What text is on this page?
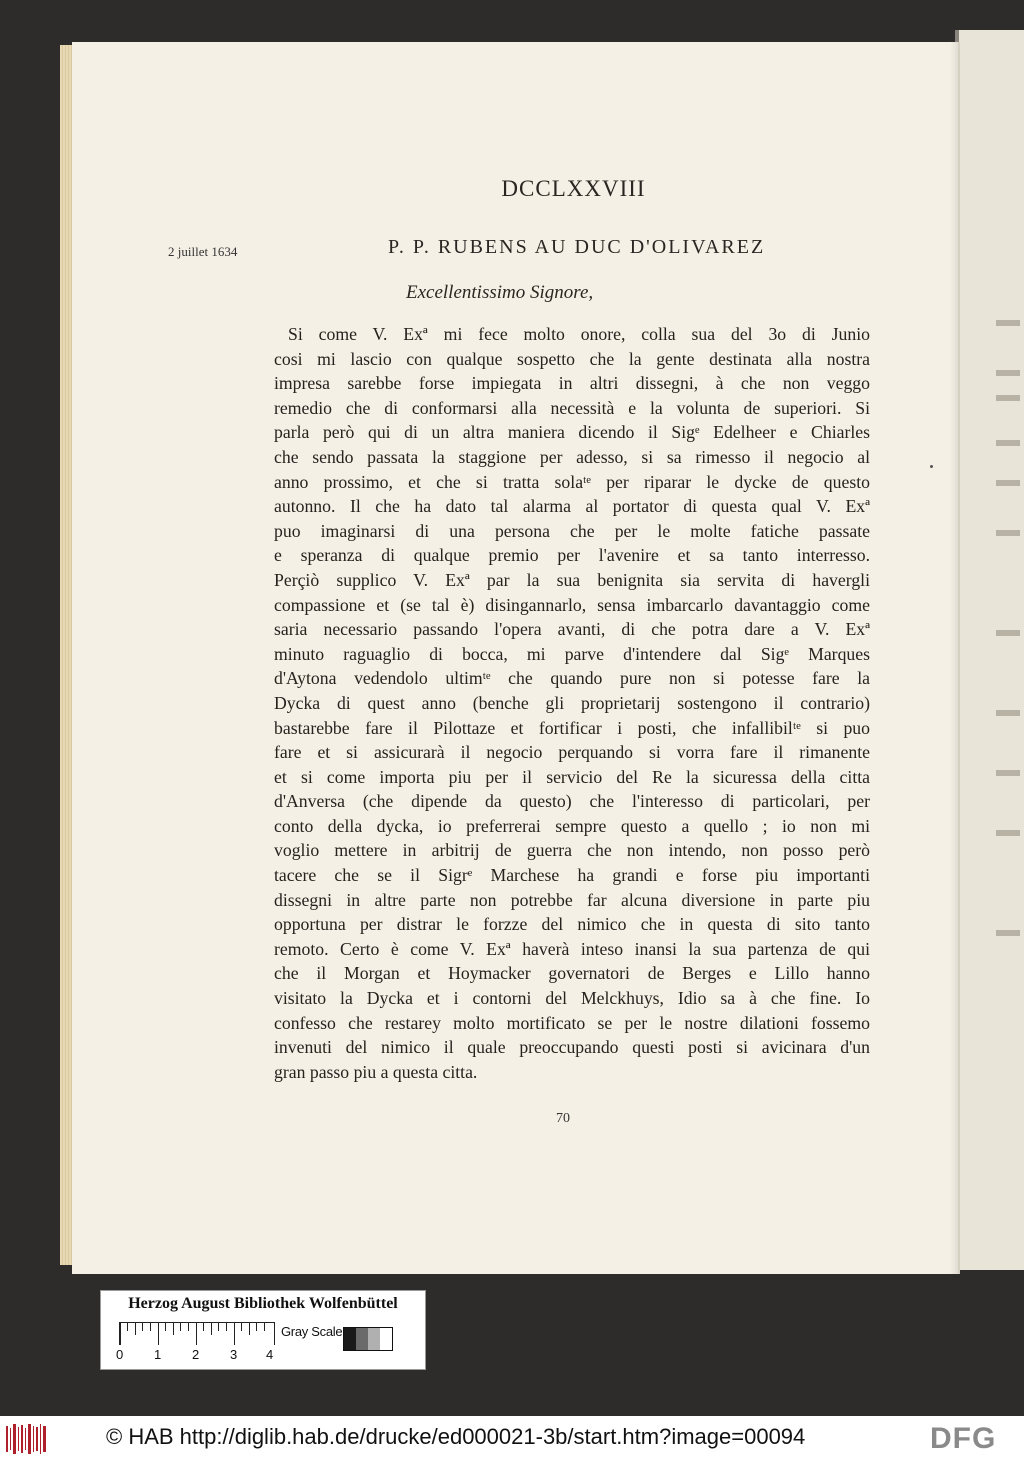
DCCLXXVIII
2 juillet 1634	P. P. RUBENS AU DUC D'OLIVAREZ
Excellentissimo Signore,
Si come V. Exª mi fece molto onore, colla sua del 3o di Junio
cosi mi lascio con qualque sospetto che la gente destinata alla nostra
impresa sarebbe forse impiegata in altri dissegni, à che non veggo
remedio che di conformarsi alla necessità e la volunta de superiori. Si
parla però qui di un altra maniera dicendo il Sigᵉ Edelheer e Chiarles
che sendo passata la staggione per adesso, si sa rimesso il negocio al
anno prossimo, et che si tratta solaᵗᵉ per riparar le dycke de questo
autonno. Il che ha dato tal alarma al portator di questa qual V. Exª
puo imaginarsi di una persona che per le molte fatiche passate
e speranza di qualque premio per l'avenire et sa tanto interresso.
Perçiò supplico V. Exª par la sua benignita sia servita di havergli
compassione et (se tal è) disingannarlo, sensa imbarcarlo davantaggio come
saria necessario passando l'opera avanti, di che potra dare a V. Exª
minuto raguaglio di bocca, mi parve d'intendere dal Sigᵉ Marques
d'Aytona vedendolo ultimᵗᵉ che quando pure non si potesse fare la
Dycka di quest anno (benche gli proprietarij sostengono il contrario)
bastarebbe fare il Pilottaze et fortificar i posti, che infallibilᵗᵉ si puo
fare et si assicurarà il negocio perquando si vorra fare il rimanente
et si come importa piu per il servicio del Re la sicuressa della citta
d'Anversa (che dipende da questo) che l'interesso di particolari, per
conto della dycka, io preferrerai sempre questo a quello ; io non mi
voglio mettere in arbitrij de guerra che non intendo, non posso però
tacere che se il Sigrᵉ Marchese ha grandi e forse piu importanti
dissegni in altre parte non potrebbe far alcuna diversione in parte piu
opportuna per distrar le forzze del nimico che in questa di sito tanto
remoto. Certo è come V. Exª haverà inteso inansi la sua partenza de qui
che il Morgan et Hoymacker governatori de Berges e Lillo hanno
visitato la Dycka et i contorni del Melckhuys, Idio sa à che fine. Io
confesso che restarey molto mortificato se per le nostre dilationi fossemo
invenuti del nimico il quale preoccupando questi posti si avicinara d'un
gran passo piu a questa citta.
70
Herzog August Bibliothek Wolfenbüttel
0 1 2 3 4
Gray Scale
© HAB http://diglib.hab.de/drucke/ed000021-3b/start.htm?image=00094	DFG
